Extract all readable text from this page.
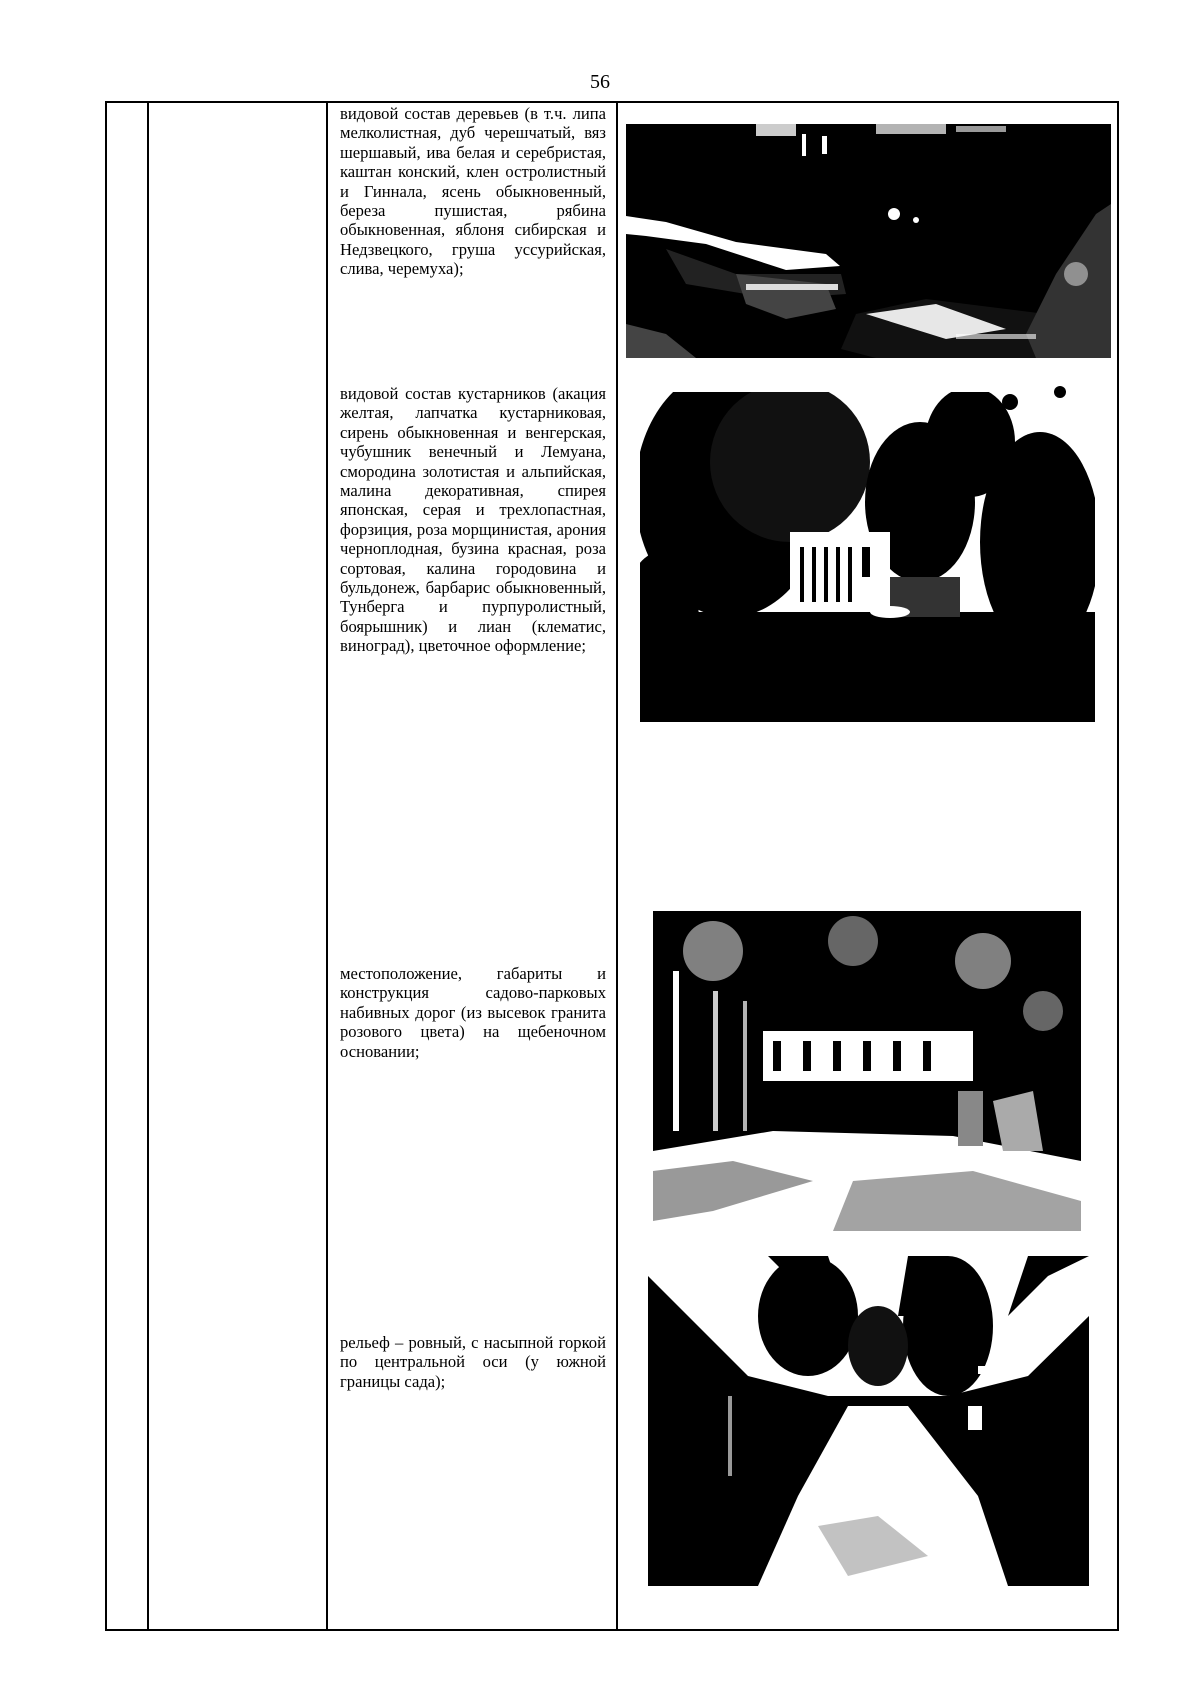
56
видовой состав деревьев (в т.ч. липа мелколистная, дуб черешчатый, вяз шершавый, ива белая и серебристая, каштан конский, клен остролистный и Гиннала, ясень обыкновенный, береза пушистая, рябина обыкновенная, яблоня сибирская и Недзвецкого, груша уссурийская, слива, черемуха);
видовой состав кустарников (акация желтая, лапчатка кустарниковая, сирень обыкновенная и венгерская, чубушник венечный и Лемуана, смородина золотистая и альпийская, малина декоративная, спирея японская, серая и трехлопастная, форзиция, роза морщинистая, арония черноплодная, бузина красная, роза сортовая, калина городовина и бульдонеж, барбарис обыкновенный, Тунберга и пурпуролистный, боярышник) и лиан (клематис, виноград), цветочное оформление;
местоположение, габариты и конструкция садово-парковых набивных дорог (из высевок гранита розового цвета) на щебеночном основании;
рельеф – ровный, с насыпной горкой по центральной оси (у южной границы сада);
